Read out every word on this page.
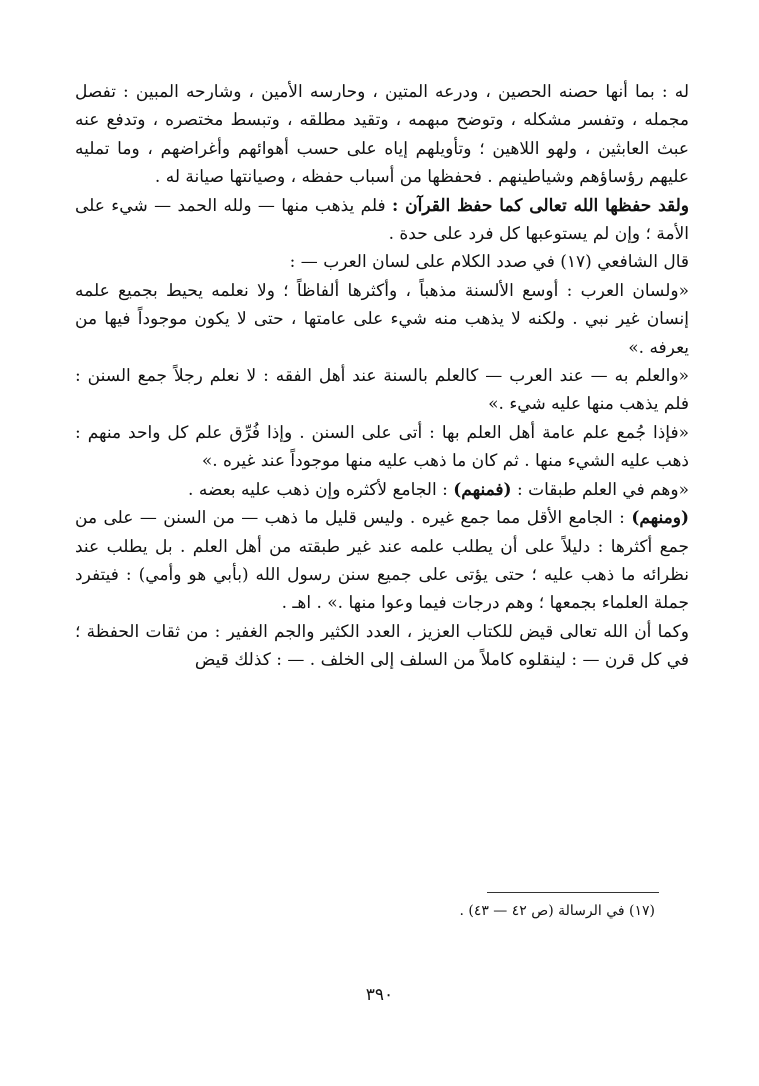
له : بما أنها حصنه الحصين ، ودرعه المتين ، وحارسه الأمين ، وشارحه المبين : تفصل مجمله ، وتفسر مشكله ، وتوضح مبهمه ، وتقيد مطلقه ، وتبسط مختصره ، وتدفع عنه عبث العابثين ، ولهو اللاهين ؛ وتأويلهم إياه على حسب أهوائهم وأغراضهم ، وما تمليه عليهم رؤساؤهم وشياطينهم . فحفظها من أسباب حفظه ، وصيانتها صيانة له .

ولقد حفظها الله تعالى كما حفظ القرآن : فلم يذهب منها — ولله الحمد — شيء على الأمة ؛ وإن لم يستوعبها كل فرد على حدة .

قال الشافعي (١٧) في صدد الكلام على لسان العرب — :

«ولسان العرب : أوسع الألسنة مذهباً ، وأكثرها ألفاظاً ؛ ولا نعلمه يحيط بجميع علمه إنسان غير نبي . ولكنه لا يذهب منه شيء على عامتها ، حتى لا يكون موجوداً فيها من يعرفه .»

«والعلم به — عند العرب — كالعلم بالسنة عند أهل الفقه : لا نعلم رجلاً جمع السنن : فلم يذهب منها عليه شيء .»

«فإذا جُمع علم عامة أهل العلم بها : أتى على السنن . وإذا فُرِّق علم كل واحد منهم : ذهب عليه الشيء منها . ثم كان ما ذهب عليه منها موجوداً عند غيره .»

«وهم في العلم طبقات : (فمنهم) : الجامع لأكثره وإن ذهب عليه بعضه .

(ومنهم) : الجامع الأقل مما جمع غيره . وليس قليل ما ذهب — من السنن — على من جمع أكثرها : دليلاً على أن يطلب علمه عند غير طبقته من أهل العلم . بل يطلب عند نظرائه ما ذهب عليه ؛ حتى يؤتى على جميع سنن رسول الله (بأبي هو وأمي) : فيتفرد جملة العلماء بجمعها ؛ وهم درجات فيما وعوا منها .» . اهـ .

وكما أن الله تعالى قيض للكتاب العزيز ، العدد الكثير والجم الغفير : من ثقات الحفظة ؛ في كل قرن — : لينقلوه كاملاً من السلف إلى الخلف . — : كذلك قيض

(١٧) في الرسالة (ص ٤٢ — ٤٣) .
٣٩٠
